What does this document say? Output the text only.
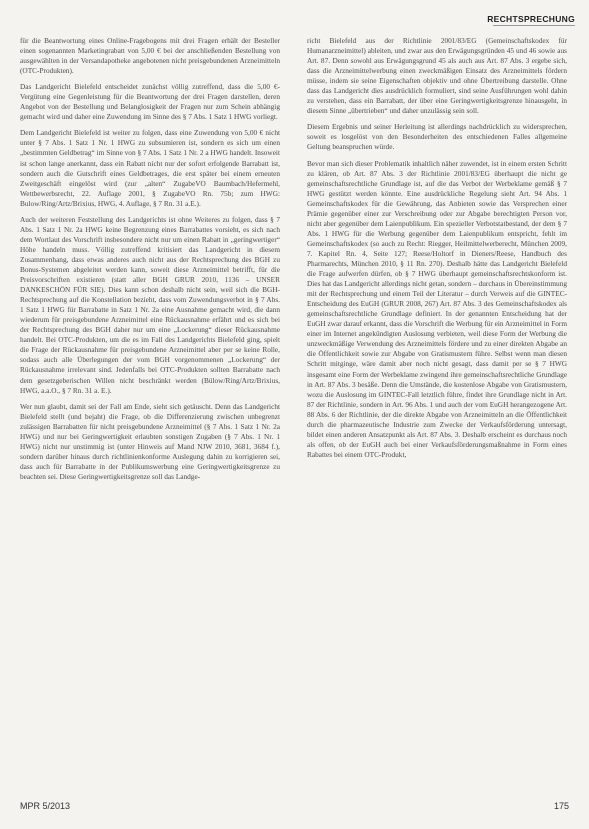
RECHTSPRECHUNG

für die Beantwortung eines Online-Fragebogens mit drei Fragen erhält der Besteller einen sogenannten Marketingrabatt von 5,00 € bei der anschließenden Bestellung von ausgewählten in der Versandapotheke angebotenen nicht preisgebundenen Arzneimitteln (OTC-Produkten).

Das Landgericht Bielefeld entscheidet zunächst völlig zutreffend, dass die 5,00 €-Vergütung eine Gegenleistung für die Beantwortung der drei Fragen darstellen, deren Angebot von der Bestellung und Belanglosigkeit der Fragen nur zum Schein abhängig gemacht wird und daher eine Zuwendung im Sinne des § 7 Abs. 1 Satz 1 HWG vorliegt.

Dem Landgericht Bielefeld ist weiter zu folgen, dass eine Zuwendung von 5,00 € nicht unter § 7 Abs. 1 Satz 1 Nr. 1 HWG zu subsumieren ist, sondern es sich um einen „bestimmten Geldbetrag“ im Sinne von § 7 Abs. 1 Satz 1 Nr. 2 a HWG handelt. Insoweit ist schon lange anerkannt, dass ein Rabatt nicht nur der sofort erfolgende Barrabatt ist, sondern auch die Gutschrift eines Geldbetrages, die erst später bei einem erneuten Zweitgeschäft eingelöst wird (zur „alten“ ZugabeVO Baumbach/Hefermehl, Wettbewerbsrecht, 22. Auflage 2001, § ZugabeVO Rn. 75b; zum HWG: Bulow/Ring/Artz/Brixius, HWG, 4. Auflage, § 7 Rn. 31 a.E.).

Auch der weiteren Feststellung des Landgerichts ist ohne Weiteres zu folgen, dass § 7 Abs. 1 Satz 1 Nr. 2a HWG keine Begrenzung eines Barrabattes vorsieht, es sich nach dem Wortlaut des Vorschrift insbesondere nicht nur um einen Rabatt in „geringwertiger“ Höhe handeln muss. Völlig zutreffend kritisiert das Landgericht in diesem Zusammenhang, dass etwas anderes auch nicht aus der Rechtsprechung des BGH zu Bonus-Systemen abgeleitet werden kann, soweit diese Arzneimittel betrifft, für die Preisvorschriften existieren (statt aller BGH GRUR 2010, 1136 – UNSER DANKESCHÖN FÜR SIE). Dies kann schon deshalb nicht sein, weil sich die BGH-Rechtsprechung auf die Konstellation bezieht, dass vom Zuwendungsverbot in § 7 Abs. 1 Satz 1 HWG für Barrabatte in Satz 1 Nr. 2a eine Ausnahme gemacht wird, die dann wiederum für preisgebundene Arzneimittel eine Rückausnahme erfährt und es sich bei der Rechtsprechung des BGH daher nur um eine „Lockerung“ dieser Rückausnahme handelt. Bei OTC-Produkten, um die es im Fall des Landgerichts Bielefeld ging, spielt die Frage der Rückausnahme für preisgebundene Arzneimittel aber per se keine Rolle, sodass auch alle Überlegungen der vom BGH vorgenommenen „Lockerung“ der Rückausnahme irrelevant sind. Jedenfalls bei OTC-Produkten sollten Barrabatte nach dem gesetzgeberischen Willen nicht beschränkt werden (Bülow/Ring/Artz/Brixius, HWG, a.a.O., § 7 Rn. 31 a. E.).

Wer nun glaubt, damit sei der Fall am Ende, sieht sich getäuscht. Denn das Landgericht Bielefeld stellt (und bejaht) die Frage, ob die Differenzierung zwischen unbegrenzt zulässigen Barrabatten für nicht preisgebundene Arzneimittel (§ 7 Abs. 1 Satz 1 Nr. 2a HWG) und nur bei Geringwertigkeit erlaubten sonstigen Zugaben (§ 7 Abs. 1 Nr. 1 HWG) nicht nur unstimmig ist (unter Hinweis auf Mand NJW 2010, 3681, 3684 f.), sondern darüber hinaus durch richtlinienkonforme Auslegung dahin zu korrigieren sei, dass auch für Barrabatte in der Publikumswerbung eine Geringwertigkeitsgrenze zu beachten sei. Diese Geringwertigkeitsgrenze soll das Landge-

richt Bielefeld aus der Richtlinie 2001/83/EG (Gemeinschaftskodex für Humanarzneimittel) ableiten, und zwar aus den Erwägungsgründen 45 und 46 sowie aus Art. 87. Denn sowohl aus Erwägungsgrund 45 als auch aus Art. 87 Abs. 3 ergebe sich, dass die Arzneimittelwerbung einen zweckmäßigen Einsatz des Arzneimittels fördern müsse, indem sie seine Eigenschaften objektiv und ohne Übertreibung darstelle. Ohne dass das Landgericht dies ausdrücklich formuliert, sind seine Ausführungen wohl dahin zu verstehen, dass ein Barrabatt, der über eine Geringwertigkeitsgrenze hinausgeht, in diesem Sinne „übertrieben“ und daher unzulässig sein soll.

Diesem Ergebnis und seiner Herleitung ist allerdings nachdrücklich zu widersprechen, soweit es losgelöst von den Besonderheiten des entschiedenen Falles allgemeine Geltung beanspruchen würde.

Bevor man sich dieser Problematik inhaltlich näher zuwendet, ist in einem ersten Schritt zu klären, ob Art. 87 Abs. 3 der Richtlinie 2001/83/EG überhaupt die nicht ge gemeinschaftsrechtliche Grundlage ist, auf die das Verbot der Werbeklame gemäß § 7 HWG gestützt werden könnte. Eine ausdrückliche Regelung sieht Art. 94 Abs. 1 Gemeinschaftskodex für die Gewährung, das Anbieten sowie das Versprechen einer Prämie gegenüber einer zur Verschreibung oder zur Abgabe berechtigten Person vor, nicht aber gegenüber dem Laienpublikum. Ein spezieller Verbotstatbestand, der dem § 7 Abs. 1 HWG für die Werbung gegenüber dem Laienpublikum entspricht, fehlt im Gemeinschaftskodex (so auch zu Recht: Riegger, Heilmittelwerberecht, München 2009, 7. Kapitel Rn. 4, Seite 127; Reese/Holtorf in Dieners/Reese, Handbuch des Pharmarechts, München 2010, § 11 Rn. 270). Deshalb hätte das Landgericht Bielefeld die Frage aufwerfen dürfen, ob § 7 HWG überhaupt gemeinschaftsrechtskonform ist. Dies hat das Landgericht allerdings nicht getan, sondern – durchaus in Übereinstimmung mit der Rechtsprechung und einem Teil der Literatur – durch Verweis auf die GINTEC-Entscheidung des EuGH (GRUR 2008, 267) Art. 87 Abs. 3 des Gemeinschaftskodex als gemeinschaftsrechtliche Grundlage definiert. In der genannten Entscheidung hat der EuGH zwar darauf erkannt, dass die Vorschrift die Werbung für ein Arzneimittel in Form einer im Internet angekündigten Auslosung verbieten, weil diese Form der Werbung die unzweckmäßige Verwendung des Arzneimittels fördere und zu einer direkten Abgabe an die Öffentlichkeit sowie zur Abgabe von Gratismustern führe. Selbst wenn man diesen Schritt mitginge, wäre damit aber noch nicht gesagt, dass damit per se § 7 HWG insgesamt eine Form der Werbeklame zwingend ihre gemeinschaftsrechtliche Grundlage in Art. 87 Abs. 3 besäße. Denn die Umstände, die kostenlose Abgabe von Gratismustern, wozu die Auslosung im GINTEC-Fall letztlich führe, findet ihre Grundlage nicht in Art. 87 der Richtlinie, sondern in Art. 96 Abs. 1 und auch der vom EuGH herangezogene Art. 88 Abs. 6 der Richtlinie, der die direkte Abgabe von Arzneimitteln an die Öffentlichkeit durch die pharmazeutische Industrie zum Zwecke der Verkaufsförderung untersagt, bildet einen anderen Ansatzpunkt als Art. 87 Abs. 3. Deshalb erscheint es durchaus noch als offen, ob der EuGH auch bei einer Verkaufsförderungsmaßnahme in Form eines Rabattes bei einem OTC-Produkt,

MPR 5/2013	175
